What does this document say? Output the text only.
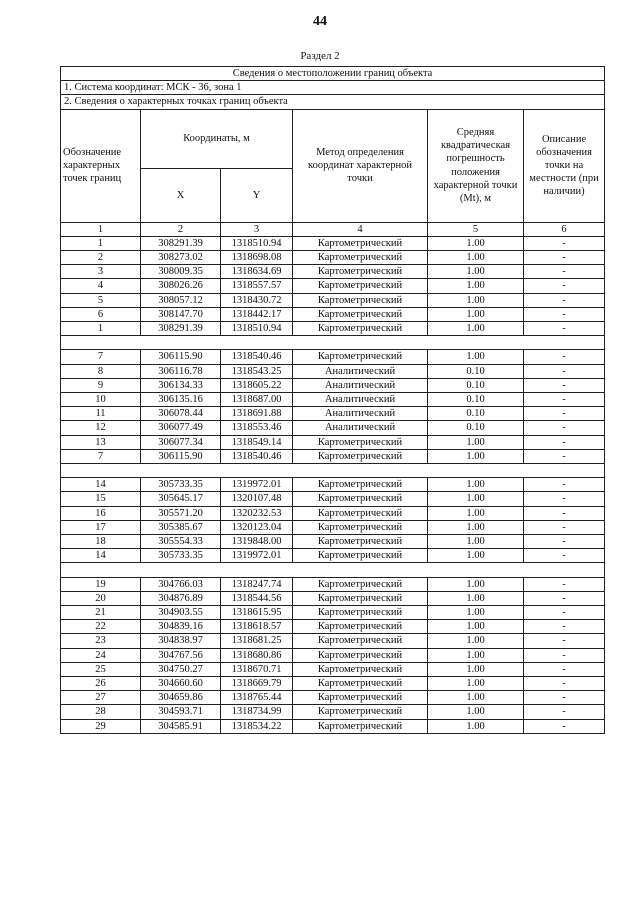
44
Раздел 2
Сведения о местоположении границ объекта					
1. Система координат: МСК - 36, зона 1					
2. Сведения о характерных точках границ объекта					
Обозначение характерных точек границ	Координаты, м		Метод определения координат характерной точки	Средняя квадратическая погрешность положения характерной точки (Mt), м	Описание обозначения точки на местности (при наличии)
	X	Y			
1	2	3	4	5	6
1	308291.39	1318510.94	Картометрический	1.00	-
2	308273.02	1318698.08	Картометрический	1.00	-
3	308009.35	1318634.69	Картометрический	1.00	-
4	308026.26	1318557.57	Картометрический	1.00	-
5	308057.12	1318430.72	Картометрический	1.00	-
6	308147.70	1318442.17	Картометрический	1.00	-
1	308291.39	1318510.94	Картометрический	1.00	-

7	306115.90	1318540.46	Картометрический	1.00	-
8	306116.78	1318543.25	Аналитический	0.10	-
9	306134.33	1318605.22	Аналитический	0.10	-
10	306135.16	1318687.00	Аналитический	0.10	-
11	306078.44	1318691.88	Аналитический	0.10	-
12	306077.49	1318553.46	Аналитический	0.10	-
13	306077.34	1318549.14	Картометрический	1.00	-
7	306115.90	1318540.46	Картометрический	1.00	-

14	305733.35	1319972.01	Картометрический	1.00	-
15	305645.17	1320107.48	Картометрический	1.00	-
16	305571.20	1320232.53	Картометрический	1.00	-
17	305385.67	1320123.04	Картометрический	1.00	-
18	305554.33	1319848.00	Картометрический	1.00	-
14	305733.35	1319972.01	Картометрический	1.00	-

19	304766.03	1318247.74	Картометрический	1.00	-
20	304876.89	1318544.56	Картометрический	1.00	-
21	304903.55	1318615.95	Картометрический	1.00	-
22	304839.16	1318618.57	Картометрический	1.00	-
23	304838.97	1318681.25	Картометрический	1.00	-
24	304767.56	1318680.86	Картометрический	1.00	-
25	304750.27	1318670.71	Картометрический	1.00	-
26	304660.60	1318669.79	Картометрический	1.00	-
27	304659.86	1318765.44	Картометрический	1.00	-
28	304593.71	1318734.99	Картометрический	1.00	-
29	304585.91	1318534.22	Картометрический	1.00	-
